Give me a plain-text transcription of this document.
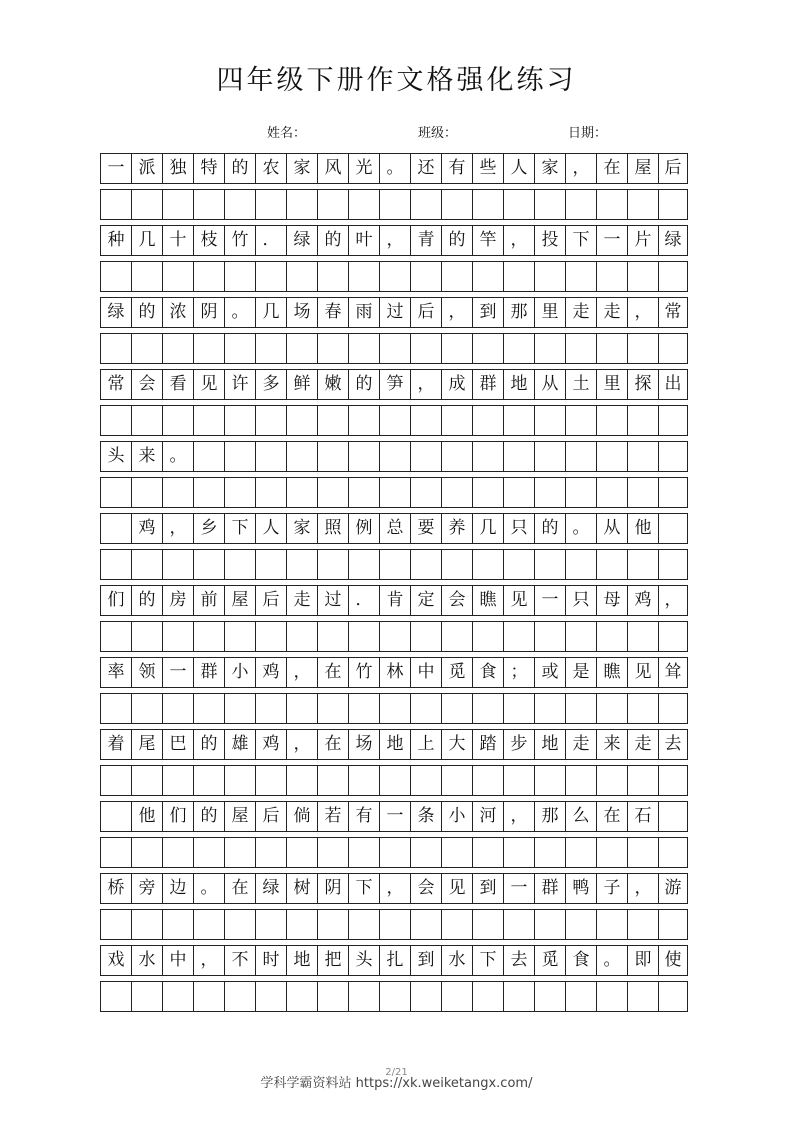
四年级下册作文格强化练习
姓名：	班级：	日期：
一 派 独 特 的 农 家 风 光 。 还 有 些 人 家 ， 在 屋 后
种 几 十 枝 竹 ． 绿 的 叶 ， 青 的 竿 ， 投 下 一 片 绿
绿 的 浓 阴 。 几 场 春 雨 过 后 ， 到 那 里 走 走 ， 常
常 会 看 见 许 多 鲜 嫩 的 笋 ， 成 群 地 从 土 里 探 出
头 来 。
鸡 ， 乡 下 人 家 照 例 总 要 养 几 只 的 。 从 他
们 的 房 前 屋 后 走 过 ． 肯 定 会 瞧 见 一 只 母 鸡 ，
率 领 一 群 小 鸡 ， 在 竹 林 中 觅 食 ； 或 是 瞧 见 耸
着 尾 巴 的 雄 鸡 ， 在 场 地 上 大 踏 步 地 走 来 走 去
他 们 的 屋 后 倘 若 有 一 条 小 河 ， 那 么 在 石
桥 旁 边 。 在 绿 树 阴 下 ， 会 见 到 一 群 鸭 子 ， 游
戏 水 中 ， 不 时 地 把 头 扎 到 水 下 去 觅 食 。 即 使
2/21
学科学霸资料站 https://xk.weiketangx.com/
